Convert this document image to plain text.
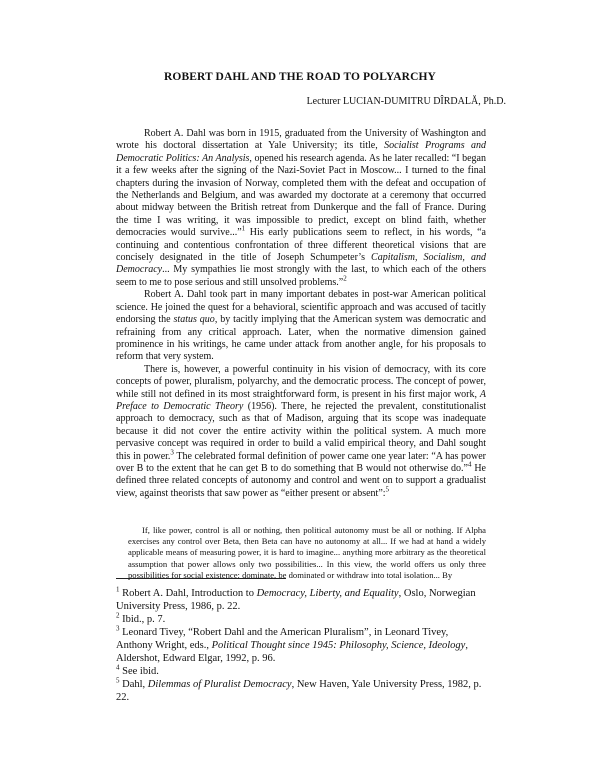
ROBERT DAHL AND THE ROAD TO POLYARCHY
Lecturer LUCIAN-DUMITRU DÎRDALĂ, Ph.D.

Robert A. Dahl was born in 1915, graduated from the University of Washington and wrote his doctoral dissertation at Yale University; its title, Socialist Programs and Democratic Politics: An Analysis, opened his research agenda. As he later recalled: “I began it a few weeks after the signing of the Nazi-Soviet Pact in Moscow... I turned to the final chapters during the invasion of Norway, completed them with the defeat and occupation of the Netherlands and Belgium, and was awarded my doctorate at a ceremony that occurred about midway between the British retreat from Dunkerque and the fall of France. During the time I was writing, it was impossible to predict, except on blind faith, whether democracies would survive...”$^1$ His early publications seem to reflect, in his words, “a continuing and contentious confrontation of three different theoretical visions that are concisely designated in the title of Joseph Schumpeter’s Capitalism, Socialism, and Democracy... My sympathies lie most strongly with the last, to which each of the others seem to me to pose serious and still unsolved problems.”$^2$

Robert A. Dahl took part in many important debates in post-war American political science. He joined the quest for a behavioral, scientific approach and was accused of tacitly endorsing the status quo, by tacitly implying that the American system was democratic and refraining from any critical approach. Later, when the normative dimension gained prominence in his writings, he came under attack from another angle, for his proposals to reform that very system.

There is, however, a powerful continuity in his vision of democracy, with its core concepts of power, pluralism, polyarchy, and the democratic process. The concept of power, while still not defined in its most straightforward form, is present in his first major work, A Preface to Democratic Theory (1956). There, he rejected the prevalent, constitutionalist approach to democracy, such as that of Madison, arguing that its scope was inadequate because it did not cover the entire activity within the political system. A much more pervasive concept was required in order to build a valid empirical theory, and Dahl sought this in power.$^3$ The celebrated formal definition of power came one year later: “A has power over B to the extent that he can get B to do something that B would not otherwise do.”$^4$ He defined three related concepts of autonomy and control and went on to support a gradualist view, against theorists that saw power as “either present or absent”:$^5$

If, like power, control is all or nothing, then political autonomy must be all or nothing. If Alpha exercises any control over Beta, then Beta can have no autonomy at all... If we had at hand a widely applicable means of measuring power, it is hard to imagine... anything more arbitrary as the theoretical assumption that power allows only two possibilities... In this view, the world offers us only three possibilities for social existence: dominate, be dominated or withdraw into total isolation... By

$^1$ Robert A. Dahl, Introduction to Democracy, Liberty, and Equality, Oslo, Norwegian University Press, 1986, p. 22.

$^2$ Ibid., p. 7.

$^3$ Leonard Tivey, “Robert Dahl and the American Pluralism”, in Leonard Tivey, Anthony Wright, eds., Political Thought since 1945: Philosophy, Science, Ideology, Aldershot, Edward Elgar, 1992, p. 96.

$^4$ See ibid.

$^5$ Dahl, Dilemmas of Pluralist Democracy, New Haven, Yale University Press, 1982, p. 22.
